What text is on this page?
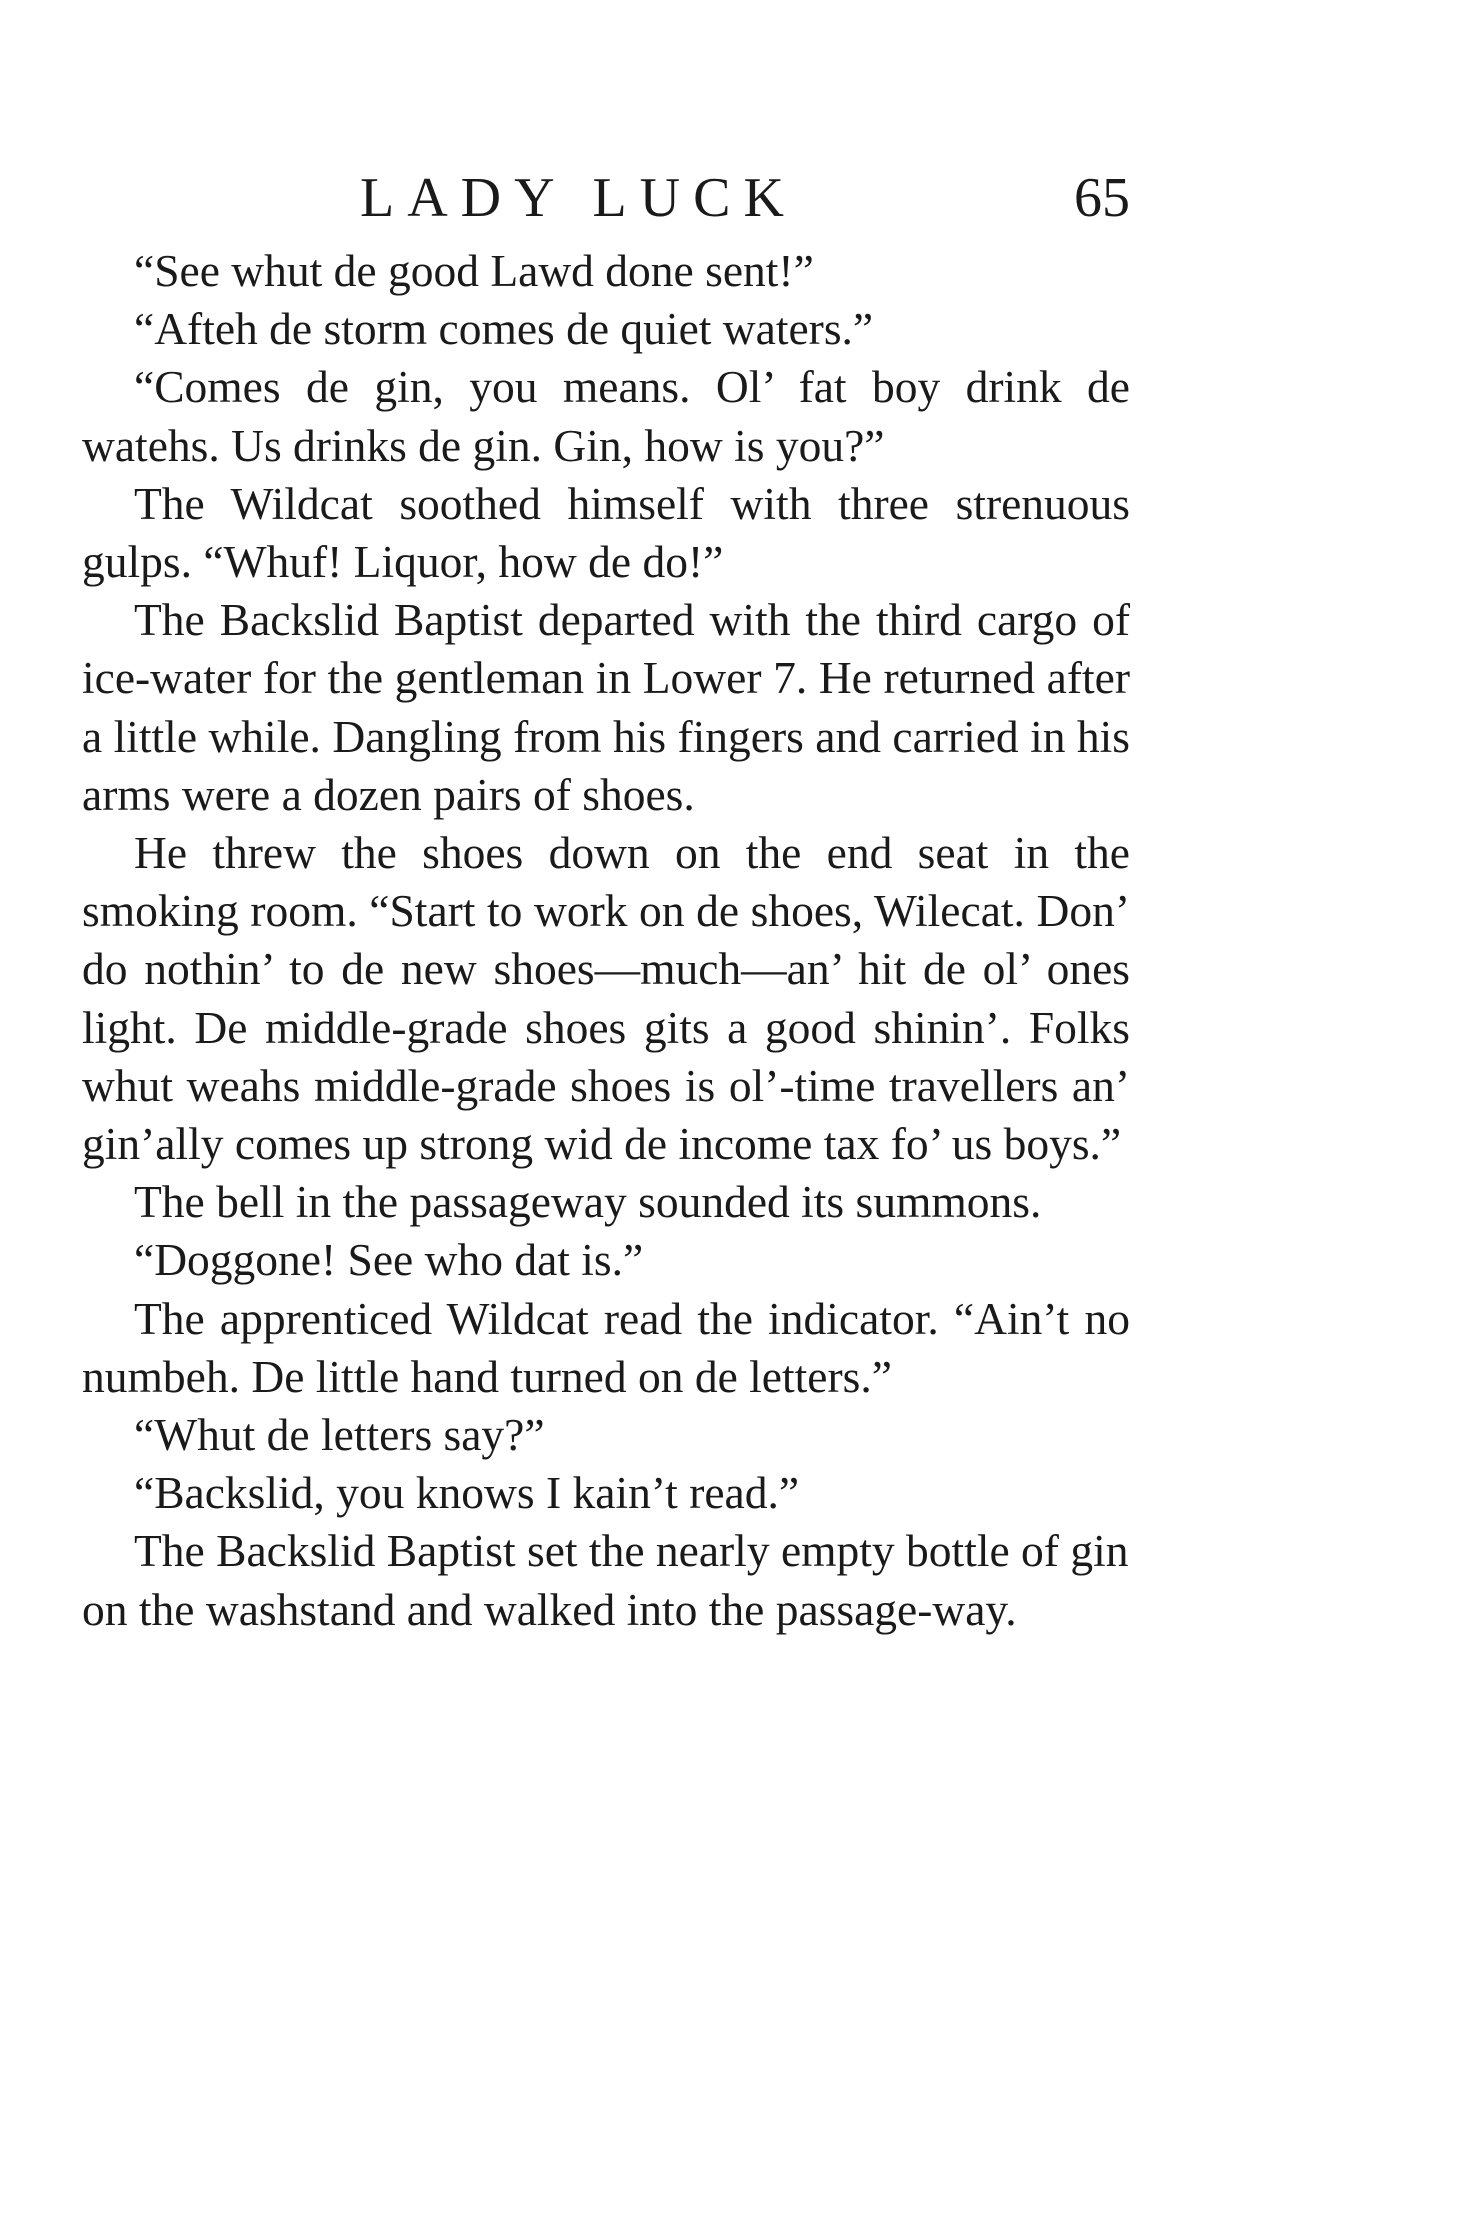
LADY LUCK	65

“See whut de good Lawd done sent!”

“Afteh de storm comes de quiet waters.”

“Comes de gin, you means. Ol’ fat boy drink de watehs. Us drinks de gin. Gin, how is you?”

The Wildcat soothed himself with three strenuous gulps. “Whuf! Liquor, how de do!”

The Backslid Baptist departed with the third cargo of ice-water for the gentleman in Lower 7. He returned after a little while. Dangling from his fingers and carried in his arms were a dozen pairs of shoes.

He threw the shoes down on the end seat in the smoking room. “Start to work on de shoes, Wilecat. Don’ do nothin’ to de new shoes—much—an’ hit de ol’ ones light. De middle-grade shoes gits a good shinin’. Folks whut weahs middle-grade shoes is ol’-time travellers an’ gin’ally comes up strong wid de income tax fo’ us boys.”

The bell in the passageway sounded its summons.

“Doggone! See who dat is.”

The apprenticed Wildcat read the indicator. “Ain’t no numbeh. De little hand turned on de letters.”

“Whut de letters say?”

“Backslid, you knows I kain’t read.”

The Backslid Baptist set the nearly empty bottle of gin on the washstand and walked into the passage-way.
